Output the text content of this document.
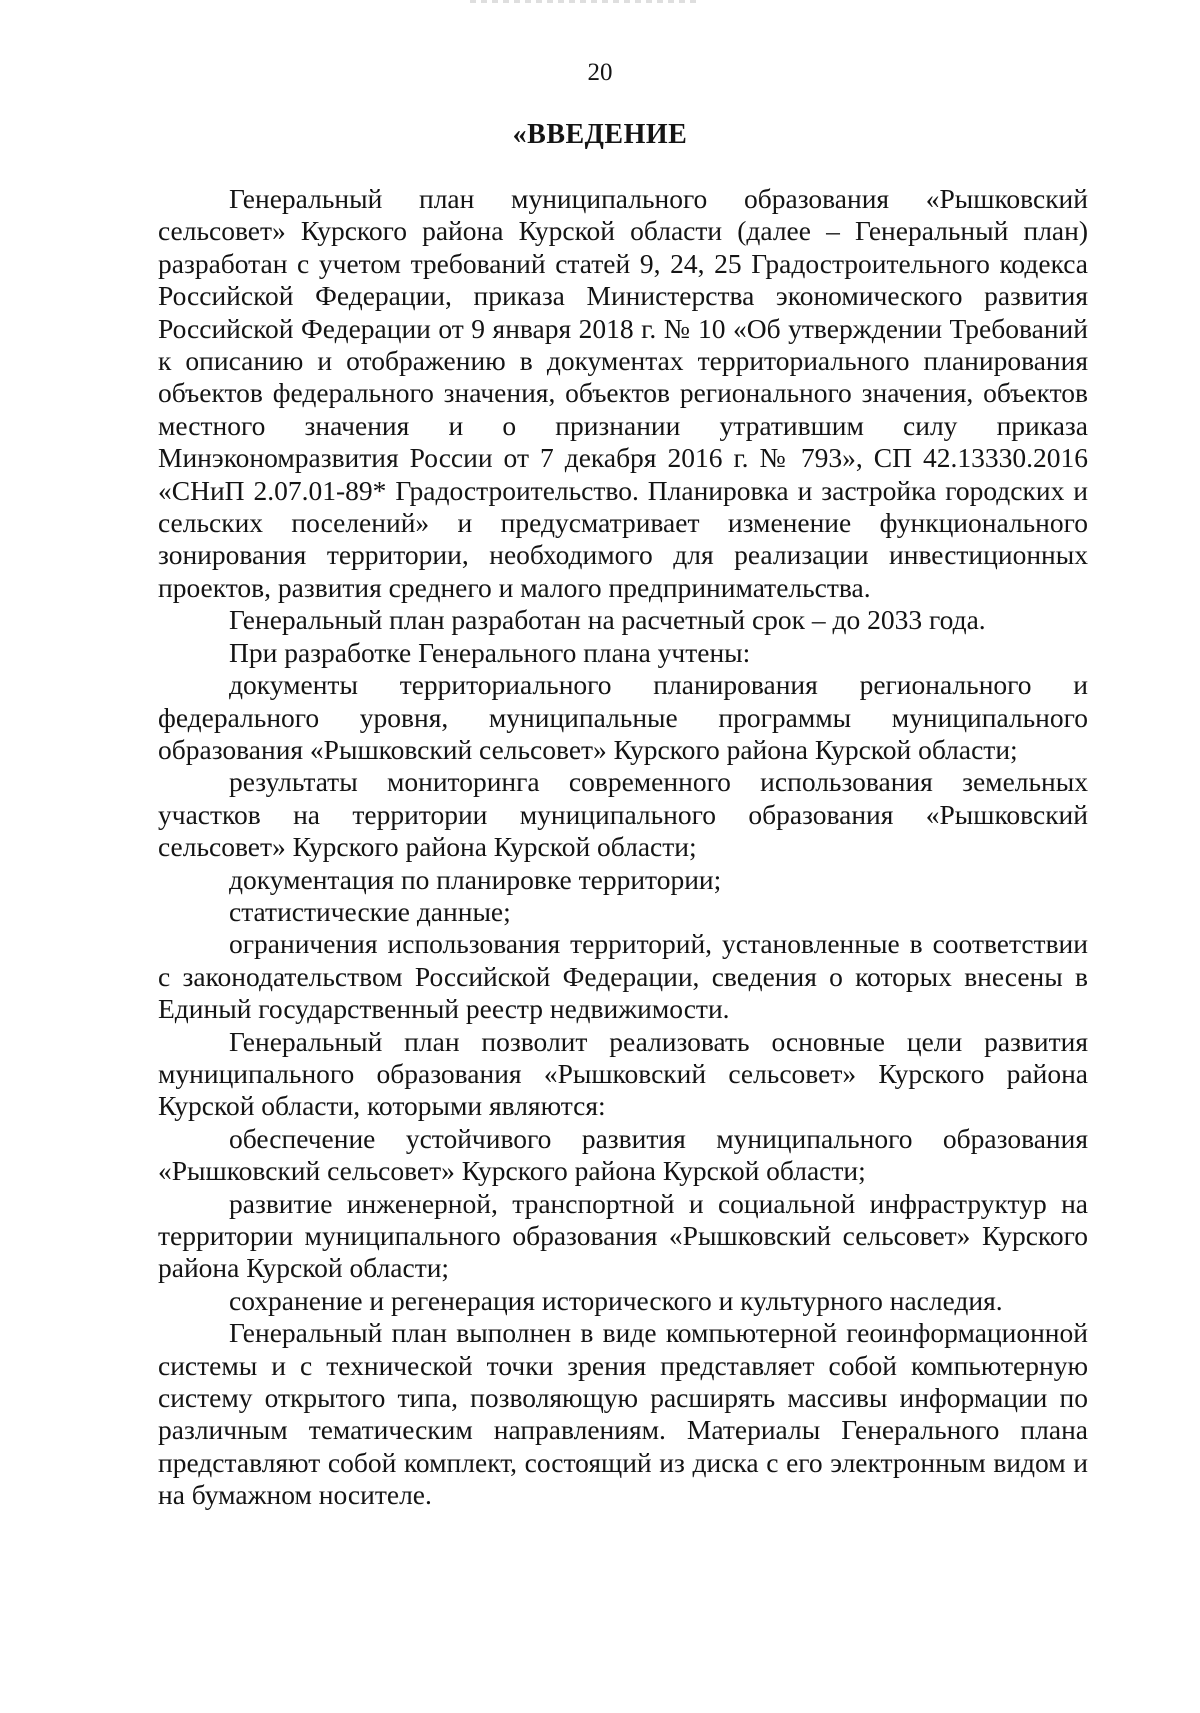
20
«ВВЕДЕНИЕ

Генеральный план муниципального образования «Рышковский сельсовет» Курского района Курской области (далее – Генеральный план) разработан с учетом требований статей 9, 24, 25 Градостроительного кодекса Российской Федерации, приказа Министерства экономического развития Российской Федерации от 9 января 2018 г. № 10 «Об утверждении Требований к описанию и отображению в документах территориального планирования объектов федерального значения, объектов регионального значения, объектов местного значения и о признании утратившим силу приказа Минэкономразвития России от 7 декабря 2016 г. № 793», СП 42.13330.2016 «СНиП 2.07.01-89* Градостроительство. Планировка и застройка городских и сельских поселений» и предусматривает изменение функционального зонирования территории, необходимого для реализации инвестиционных проектов, развития среднего и малого предпринимательства.

Генеральный план разработан на расчетный срок – до 2033 года.

При разработке Генерального плана учтены:

документы территориального планирования регионального и федерального уровня, муниципальные программы муниципального образования «Рышковский сельсовет» Курского района Курской области;

результаты мониторинга современного использования земельных участков на территории муниципального образования «Рышковский сельсовет» Курского района Курской области;

документация по планировке территории;

статистические данные;

ограничения использования территорий, установленные в соответствии с законодательством Российской Федерации, сведения о которых внесены в Единый государственный реестр недвижимости.

Генеральный план позволит реализовать основные цели развития муниципального образования «Рышковский сельсовет» Курского района Курской области, которыми являются:

обеспечение устойчивого развития муниципального образования «Рышковский сельсовет» Курского района Курской области;

развитие инженерной, транспортной и социальной инфраструктур на территории муниципального образования «Рышковский сельсовет» Курского района Курской области;

сохранение и регенерация исторического и культурного наследия.

Генеральный план выполнен в виде компьютерной геоинформационной системы и с технической точки зрения представляет собой компьютерную систему открытого типа, позволяющую расширять массивы информации по различным тематическим направлениям. Материалы Генерального плана представляют собой комплект, состоящий из диска с его электронным видом и на бумажном носителе.
